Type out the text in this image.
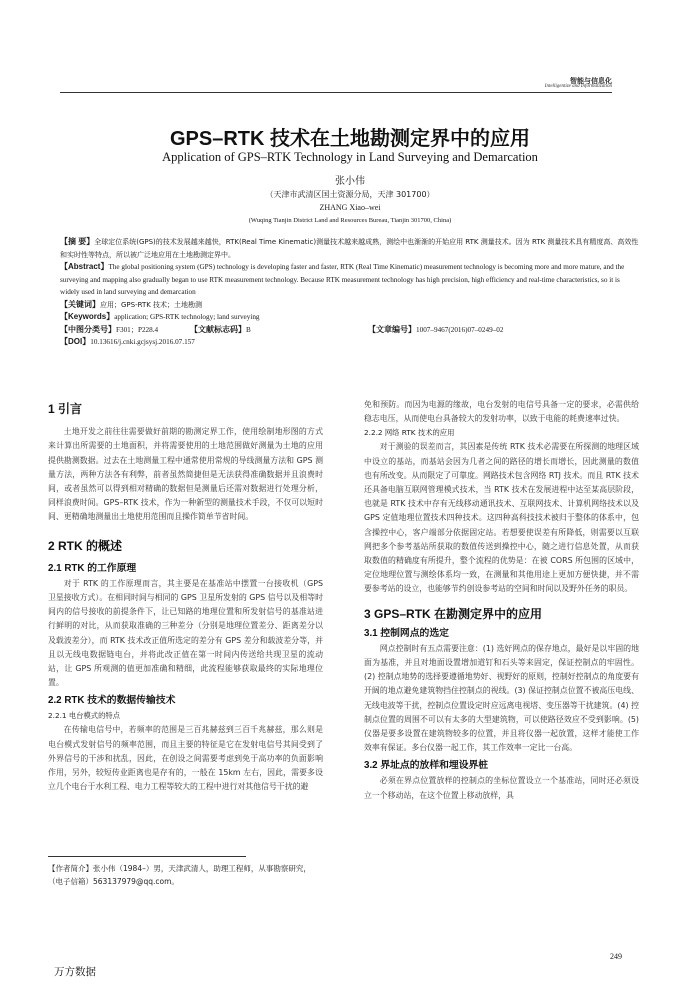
智能与信息化
Intelligentize and Informatization
GPS–RTK 技术在土地勘测定界中的应用
Application of GPS–RTK Technology in Land Surveying and Demarcation
张小伟
（天津市武清区国土资源分局，天津 301700）
ZHANG Xiao–wei
(Wuqing Tianjin District Land and Resources Bureau, Tianjin 301700, China)

【摘 要】全球定位系统(GPS)的技术发展越来越快，RTK(Real Time Kinematic)测量技术越来越成熟，测绘中也渐渐的开始应用 RTK 测量技术。因为 RTK 测量技术具有精度高、高效性和实时性等特点，所以被广泛地应用在土地勘测定界中。

【Abstract】The global positioning system (GPS) technology is developing faster and faster, RTK (Real Time Kinematic) measurement technology is becoming more and more mature, and the surveying and mapping also gradually began to use RTK measurement technology. Because RTK measurement technology has high precision, high efficiency and real-time characteristics, so it is widely used in land surveying and demarcation

【关键词】应用；GPS-RTK 技术；土地勘测

【Keywords】application; GPS-RTK technology; land surveying

【中图分类号】F301；P228.4	【文献标志码】B	【文章编号】1007–9467(2016)07–0249–02

【DOI】10.13616/j.cnki.gcjsysj.2016.07.157

1 引言

土地开发之前往往需要做好前期的勘测定界工作，使用绘制地形图的方式来计算出所需要的土地面积，并将需要使用的土地范围做好测量为土地的应用提供勘测数据。过去在土地测量工程中通常使用常规的导线测量方法和 GPS 测量方法，两种方法各有利弊，前者虽然简捷但是无法获得准确数据并且浪费时间，或者虽然可以得到相对精确的数据但是测量后还需对数据进行处理分析，同样浪费时间。GPS–RTK 技术，作为一种新型的测量技术手段，不仅可以短时间、更精确地测量出土地使用范围而且操作简单节省时间。

2 RTK 的概述
2.1 RTK 的工作原理

对于 RTK 的工作原理而言，其主要是在基准站中摆置一台接收机（GPS 卫星接收方式）。在相同时间与相同的 GPS 卫星所发射的 GPS 信号以及相等时间内的信号接收的前提条件下，让已知路的地理位置和所发射信号的基准站进行鲜明的对比，从而获取准确的三种差分（分别是地理位置差分、距离差分以及载波差分），而 RTK 技术改正值所选定的差分有 GPS 差分和载波差分等，并且以无线电数据链电台，并将此改正值在第一时间内传送给共现卫星的流动站，让 GPS 所观测的值更加准确和精细，此流程能够获取最终的实际地理位置。

2.2 RTK 技术的数据传输技术
2.2.1 电台模式的特点

在传输电信号中，若频率的范围是三百兆赫兹到三百千兆赫兹，那么则是电台模式发射信号的频率范围，而且主要的特征是它在发射电信号其间受到了外界信号的干涉和扰乱，因此，在创设之间需要考虑到免于高功率的负面影响作用，另外，较短传业距离也是存有的，一般在 15km 左右，因此，需要多设立几个电台于水利工程、电力工程等较大的工程中进行对其他信号干扰的避

免和预防。而因为电源的缘故，电台发射的电信号具备一定的要求，必需供给稳志电压，从而使电台具备较大的发射功率，以致于电能的耗费速率过快。

2.2.2 网络 RTK 技术的应用

对于测验的误差而言，其因素是传统 RTK 技术必需要在所探测的地理区域中设立的基站，而基站会因为几者之间的路径的增长而增长，因此测量的数值也有所改变。从而限定了可靠度。网路技术包含网络 RTJ 技术。而且 RTK 技术还具备电脑互联网管理模式技术，当 RTK 技术在发展进程中达至某高层阶段，也就是 RTK 技术中存有无线移动通讯技术、互联网技术、计算机网络技术以及 GPS 定值地理位置技术四种技术。这四种高科技技术被归于整体的体系中，包含操控中心，客户端部分依据固定站。若想要使误差有所降低，则需要以互联网把多个参考基站所获取的数值传送到操控中心，随之进行信息处置，从而获取数值的精确度有所提升，整个流程的优势是：在被 CORS 所包围的区域中，定位地理位置与测绘体系均一致，在测量和其他用途上更加方便快捷，并不需要参考站的设立，也能够节约创设参考站的空间和时间以及野外任务的职员。

3 GPS–RTK 在勘测定界中的应用
3.1 控制网点的选定

网点控制时有五点需要注意：(1) 选好网点的保存地点，最好是以牢固的地面为基准，并且对地面设置增加道钉和石头等来固定，保证控制点的牢固性。(2) 控制点地势的选择要遵循地势好、视野好的原则，控制好控制点的角度要有开阔的地点避免建筑物挡住控制点的视线。(3) 保证控制点位置不被高压电线、无线电波等干扰，控制点位置设定时应远离电视塔、变压器等干扰建筑。(4) 控制点位置的周围不可以有太多的大型建筑物，可以使路径效应不受到影响。(5) 仪器是要多设置在建筑物较多的位置，并且将仪器一起放置，这样才能使工作效率有保证。多台仪器一起工作，其工作效率一定比一台高。

3.2 界址点的放样和埋设界桩

必须在界点位置放样的控制点的坐标位置设立一个基准站，同时还必须设立一个移动站，在这个位置上移动放样，具

【作者简介】张小伟（1984–）男，天津武清人，助理工程师，从事勘察研究，（电子信箱）563137979@qq.com。
249
万方数据
